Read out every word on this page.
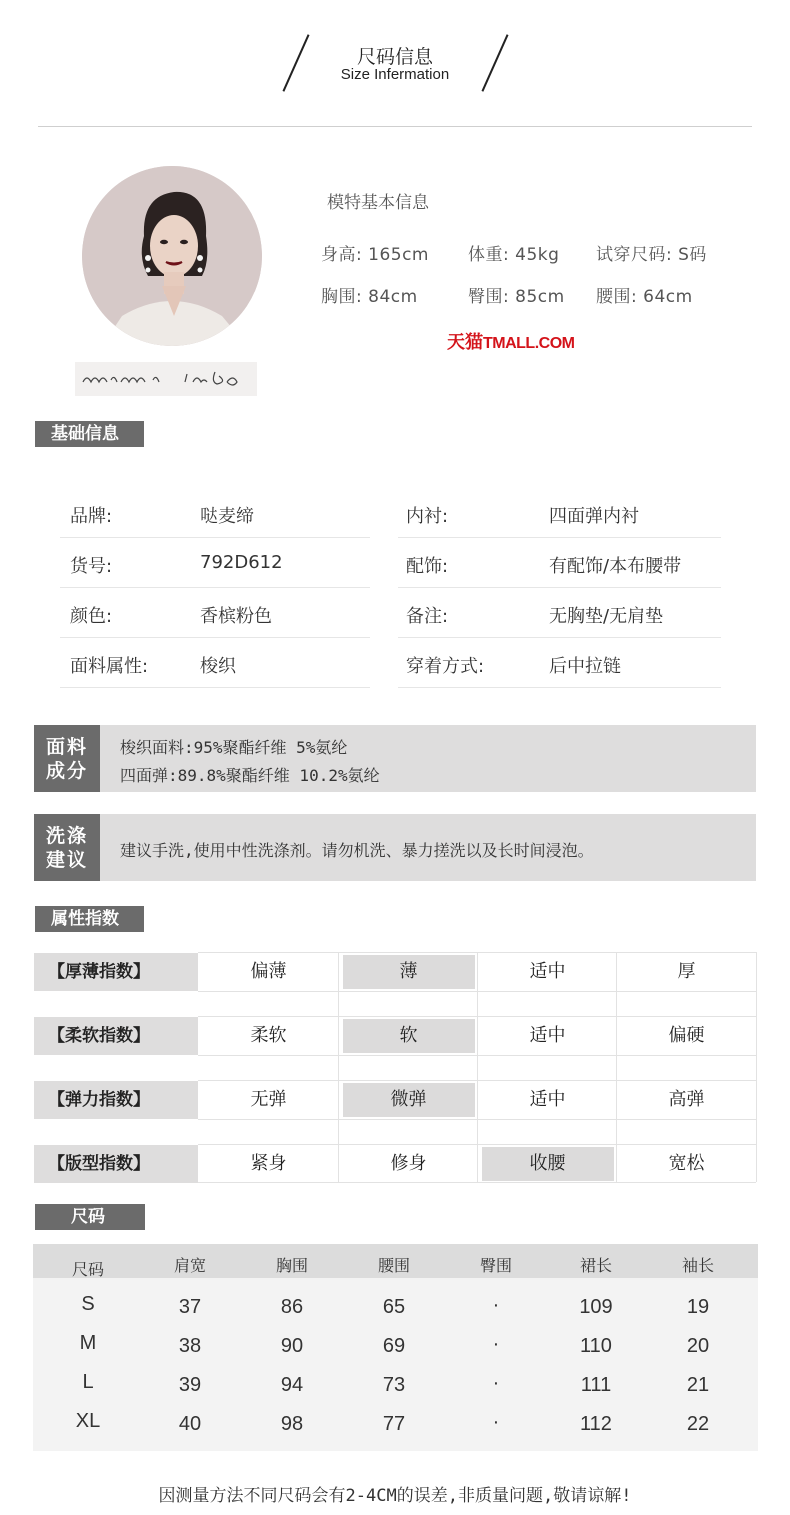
尺码信息
Size Infermation
模特基本信息
身高: 165cm 体重: 45kg 试穿尺码: S码
胸围: 84cm	臀围: 85cm 腰围: 64cm
天猫TMALL.COM
基础信息
品牌:	哒麦缔	内衬:	四面弹内衬
货号:	792D612	配饰:	有配饰/本布腰带
颜色:	香槟粉色	备注:	无胸垫/无肩垫
面料属性:	梭织	穿着方式:	后中拉链
面料
成分
梭织面料:95%聚酯纤维 5%氨纶
四面弹:89.8%聚酯纤维 10.2%氨纶
洗涤
建议	建议手洗,使用中性洗涤剂。请勿机洗、暴力搓洗以及长时间浸泡。
属性指数
【厚薄指数】	偏薄	薄	适中	厚
【柔软指数】	柔软	软	适中	偏硬
【弹力指数】	无弹	微弹	适中	高弹
【版型指数】	紧身	修身	收腰	宽松
尺码
尺码	肩宽	胸围	腰围	臀围	裙长	袖长
S	37	86	65	·	109	19
M	38	90	69	·	110	20
L	39	94	73	·	111	21
XL	40	98	77	·	112	22
因测量方法不同尺码会有2-4CM的误差,非质量问题,敬请谅解!
